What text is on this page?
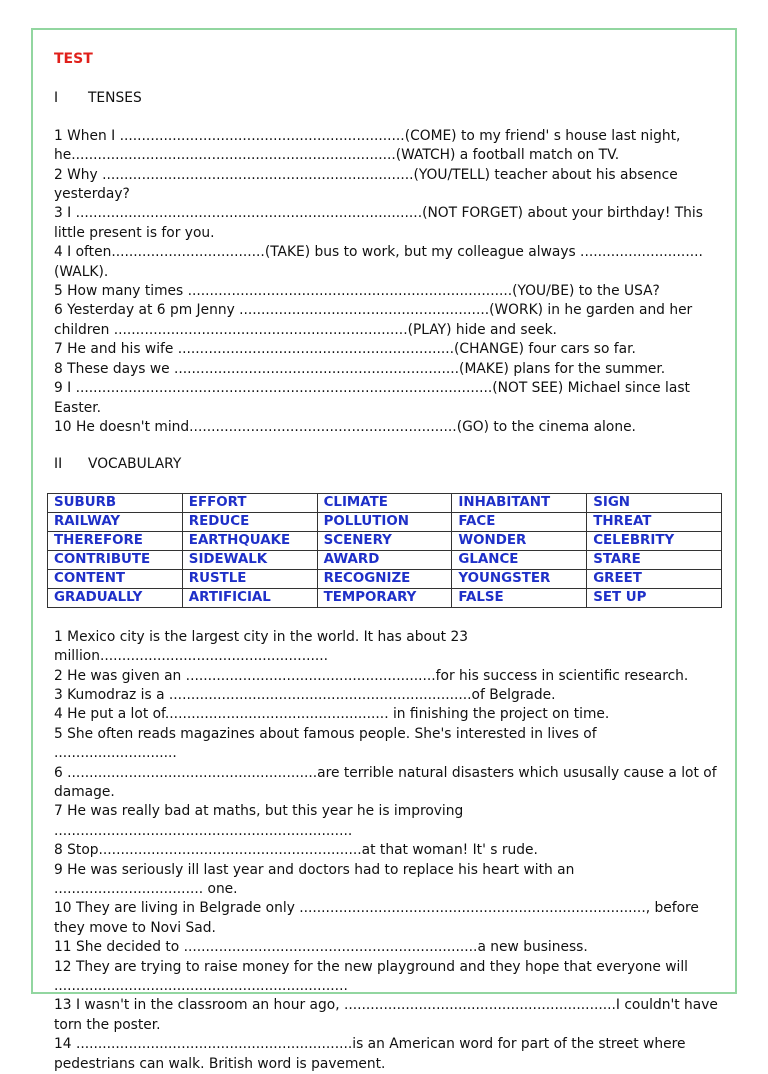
TEST
I TENSES
1 When I .................................................................(COME) to my friend' s house last night, he..........................................................................(WATCH) a football match on TV.
2 Why .......................................................................(YOU/TELL) teacher about his absence yesterday?
3 I ...............................................................................(NOT FORGET) about your birthday! This little present is for you.
4 I often...................................(TAKE) bus to work, but my colleague always ............................(WALK).
5 How many times ..........................................................................(YOU/BE) to the USA?
6 Yesterday at 6 pm Jenny .........................................................(WORK) in he garden and her children ...................................................................(PLAY) hide and seek.
7 He and his wife ...............................................................(CHANGE) four cars so far.
8 These days we .................................................................(MAKE) plans for the summer.
9 I ...............................................................................................(NOT SEE) Michael since last Easter.
10 He doesn't mind.............................................................(GO) to the cinema alone.
II VOCABULARY
SUBURB	EFFORT	CLIMATE	INHABITANT	SIGN
RAILWAY	REDUCE	POLLUTION	FACE	THREAT
THEREFORE	EARTHQUAKE	SCENERY	WONDER	CELEBRITY
CONTRIBUTE	SIDEWALK	AWARD	GLANCE	STARE
CONTENT	RUSTLE	RECOGNIZE	YOUNGSTER	GREET
GRADUALLY	ARTIFICIAL	TEMPORARY	FALSE	SET UP
1 Mexico city is the largest city in the world. It has about 23 million....................................................
2 He was given an .........................................................for his success in scientific research.
3 Kumodraz is a .....................................................................of Belgrade.
4 He put a lot of................................................... in finishing the project on time.
5 She often reads magazines about famous people. She's interested in lives of ............................
6 .........................................................are terrible natural disasters which ususally cause a lot of damage.
7 He was really bad at maths, but this year he is improving ....................................................................
8 Stop............................................................at that woman! It' s rude.
9 He was seriously ill last year and doctors had to replace his heart with an .................................. one.
10 They are living in Belgrade only ..............................................................................., before they move to Novi Sad.
11 She decided to ...................................................................a new business.
12 They are trying to raise money for the new playground and they hope that everyone will ...................................................................
13 I wasn't in the classroom an hour ago, ..............................................................I couldn't have torn the poster.
14 ...............................................................is an American word for part of the street where pedestrians can walk. British word is pavement.
